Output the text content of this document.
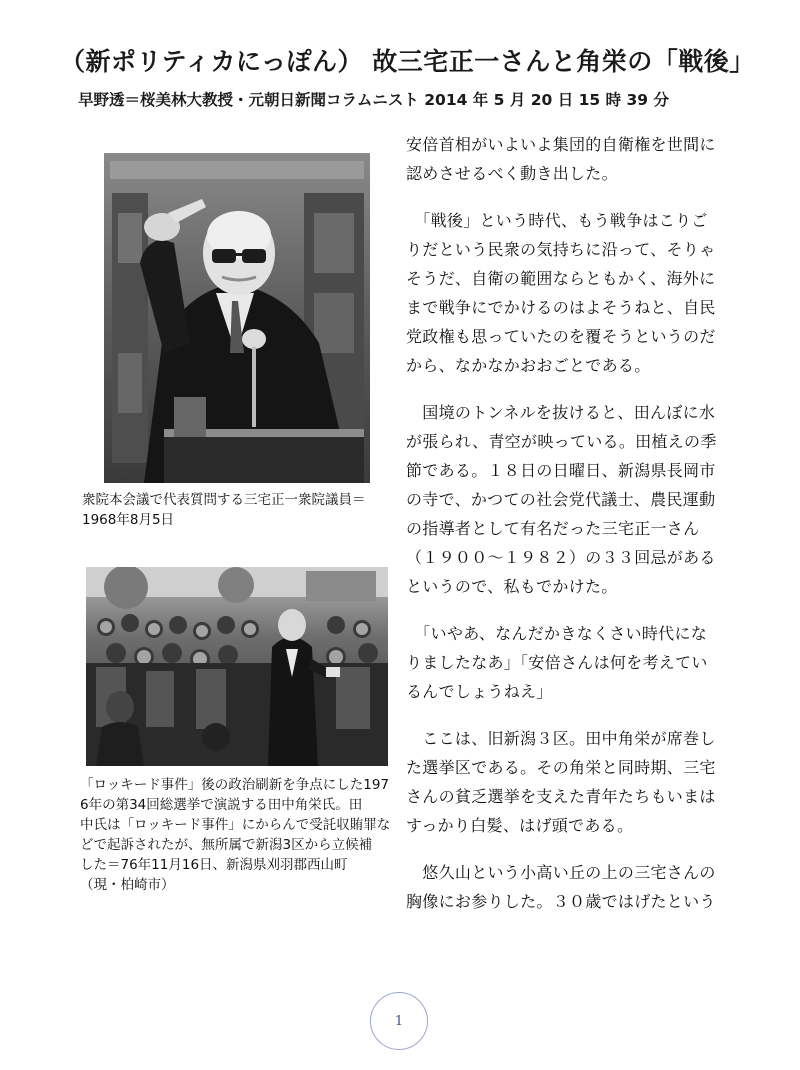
（新ポリティカにっぽん） 故三宅正一さんと角栄の「戦後」
早野透＝桜美林大教授・元朝日新聞コラムニスト 2014 年 5 月 20 日 15 時 39 分
衆院本会議で代表質問する三宅正一衆院議員＝
1968年8月5日
「ロッキード事件」後の政治刷新を争点にした197
6年の第34回総選挙で演説する田中角栄氏。田
中氏は「ロッキード事件」にからんで受託収賄罪な
どで起訴されたが、無所属で新潟3区から立候補
した＝76年11月16日、新潟県刈羽郡西山町
（現・柏崎市）

安倍首相がいよいよ集団的自衛権を世間に
認めさせるべく動き出した。

　「戦後」という時代、もう戦争はこりご
りだという民衆の気持ちに沿って、そりゃ
そうだ、自衛の範囲ならともかく、海外に
まで戦争にでかけるのはよそうねと、自民
党政権も思っていたのを覆そうというのだ
から、なかなかおおごとである。

　国境のトンネルを抜けると、田んぼに水
が張られ、青空が映っている。田植えの季
節である。１８日の日曜日、新潟県長岡市
の寺で、かつての社会党代議士、農民運動
の指導者として有名だった三宅正一さん
（１９００～１９８２）の３３回忌がある
というので、私もでかけた。

　「いやあ、なんだかきなくさい時代にな
りましたなあ」「安倍さんは何を考えてい
るんでしょうねえ」

　ここは、旧新潟３区。田中角栄が席巻し
た選挙区である。その角栄と同時期、三宅
さんの貧乏選挙を支えた青年たちもいまは
すっかり白髪、はげ頭である。

　悠久山という小高い丘の上の三宅さんの
胸像にお参りした。３０歳ではげたという

1
